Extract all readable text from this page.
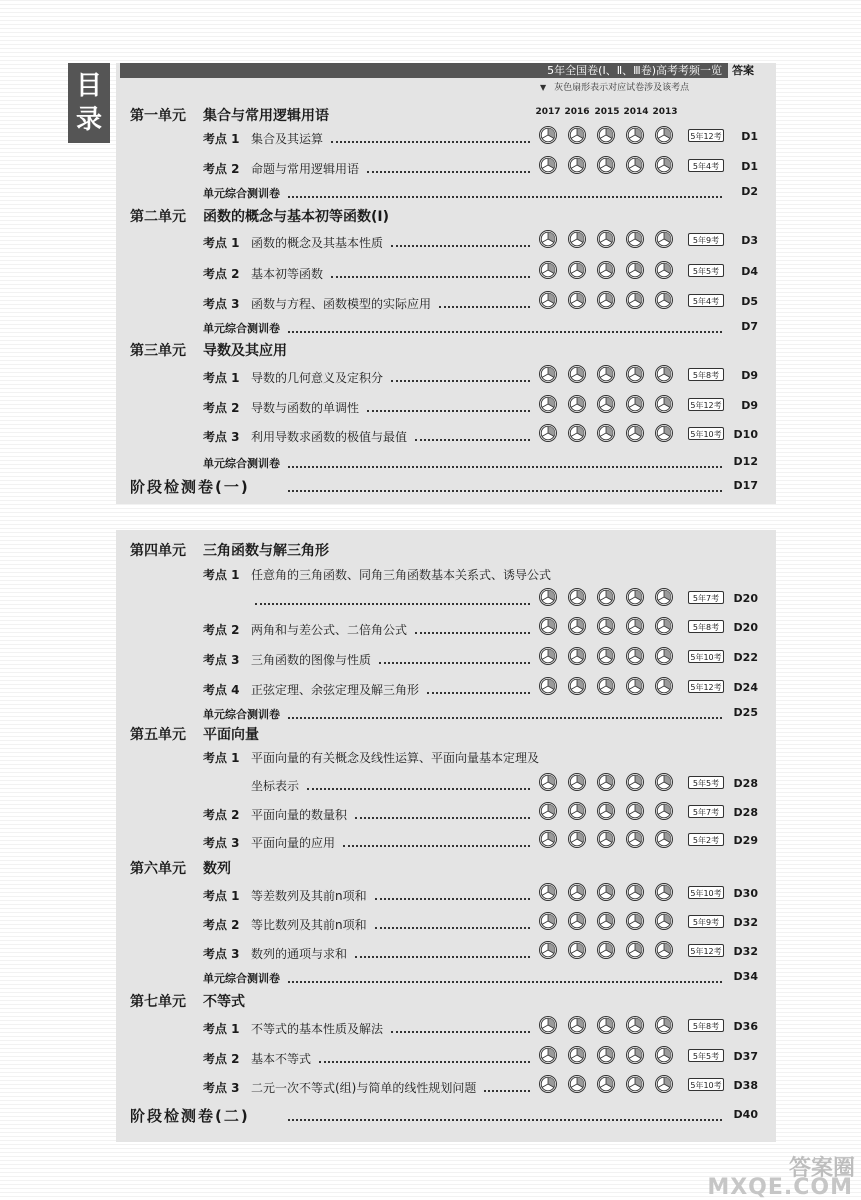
目
录
5年全国卷(Ⅰ、Ⅱ、Ⅲ卷)高考考频一览 答案
▼ 灰色扇形表示对应试卷涉及该考点
2017 2016 2015 2014 2013
第一单元 集合与常用逻辑用语
考点 1 集合及其运算	5年12考	D1
考点 2 命题与常用逻辑用语	5年4考	D1
单元综合测训卷	D2
第二单元 函数的概念与基本初等函数(Ⅰ)
考点 1 函数的概念及其基本性质	5年9考	D3
考点 2 基本初等函数	5年5考	D4
考点 3 函数与方程、函数模型的实际应用	5年4考	D5
单元综合测训卷	D7
第三单元 导数及其应用
考点 1 导数的几何意义及定积分	5年8考	D9
考点 2 导数与函数的单调性	5年12考	D9
考点 3 利用导数求函数的极值与最值	5年10考	D10
单元综合测训卷	D12
阶段检测卷(一)	D17
第四单元 三角函数与解三角形
考点 1 任意角的三角函数、同角三角函数基本关系式、诱导公式
5年7考	D20
考点 2 两角和与差公式、二倍角公式	5年8考	D20
考点 3 三角函数的图像与性质	5年10考	D22
考点 4 正弦定理、余弦定理及解三角形	5年12考	D24
单元综合测训卷	D25
第五单元 平面向量
考点 1 平面向量的有关概念及线性运算、平面向量基本定理及
坐标表示	5年5考	D28
考点 2 平面向量的数量积	5年7考	D28
考点 3 平面向量的应用	5年2考	D29
第六单元 数列
考点 1 等差数列及其前n项和	5年10考	D30
考点 2 等比数列及其前n项和	5年9考	D32
考点 3 数列的通项与求和	5年12考	D32
单元综合测训卷	D34
第七单元 不等式
考点 1 不等式的基本性质及解法	5年8考	D36
考点 2 基本不等式	5年5考	D37
考点 3 二元一次不等式(组)与简单的线性规划问题	5年10考	D38
阶段检测卷(二)	D40
答案圈
MXQE.COM
